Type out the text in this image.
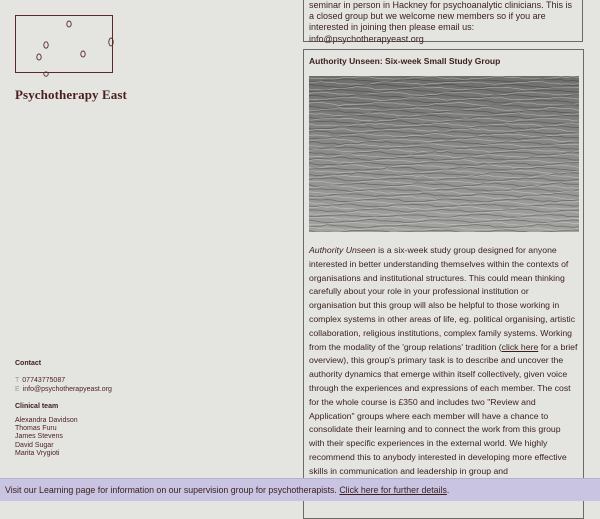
Psychotherapy East

Contact

T 07743775087

E info@psychotherapyeast.org

Clinical team

Alexandra Davidson
Thomas Furu
James Stevens
David Sugar
Marita Vrygioti

seminar in person in Hackney for psychoanalytic clinicians. This is a closed group but we welcome new members so if you are interested in joining then please email us: info@psychotherapyeast.org

Authority Unseen: Six-week Small Study Group

Authority Unseen is a six-week study group designed for anyone interested in better understanding themselves within the contexts of organisations and institutional structures. This could mean thinking carefully about your role in your professional institution or organisation but this group will also be helpful to those working in complex systems in other areas of life, eg. political organising, artistic collaboration, religious institutions, complex family systems. Working from the modality of the 'group relations' tradition (click here for a brief overview), this group's primary task is to describe and uncover the authority dynamics that emerge within itself collectively, given voice through the experiences and expressions of each member. The cost for the whole course is £350 and includes two "Review and Application" groups where each member will have a chance to consolidate their learning and to connect the work from this group with their specific experiences in the external world. We highly recommend this to anybody interested in developing more effective skills in communication and leadership in group and

Visit our Learning page for information on our supervision group for psychotherapists. Click here for further details.
